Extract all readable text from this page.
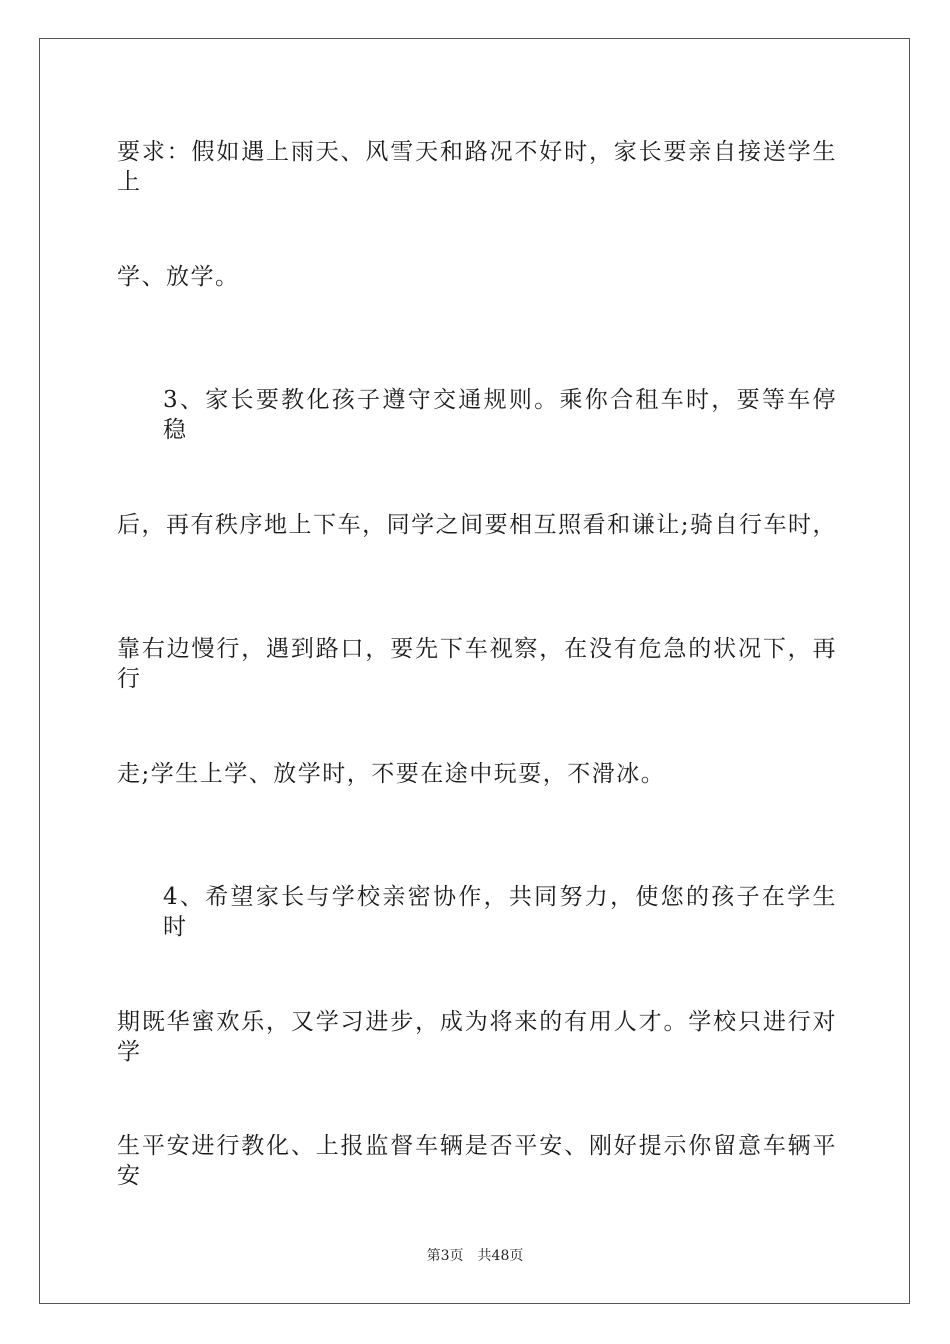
要求：假如遇上雨天、风雪天和路况不好时，家长要亲自接送学生上
学、放学。
3、家长要教化孩子遵守交通规则。乘你合租车时，要等车停稳
后，再有秩序地上下车，同学之间要相互照看和谦让;骑自行车时，
靠右边慢行，遇到路口，要先下车视察，在没有危急的状况下，再行
走;学生上学、放学时，不要在途中玩耍，不滑冰。
4、希望家长与学校亲密协作，共同努力，使您的孩子在学生时
期既华蜜欢乐，又学习进步，成为将来的有用人才。学校只进行对学
生平安进行教化、上报监督车辆是否平安、刚好提示你留意车辆平安
第3页 共48页
